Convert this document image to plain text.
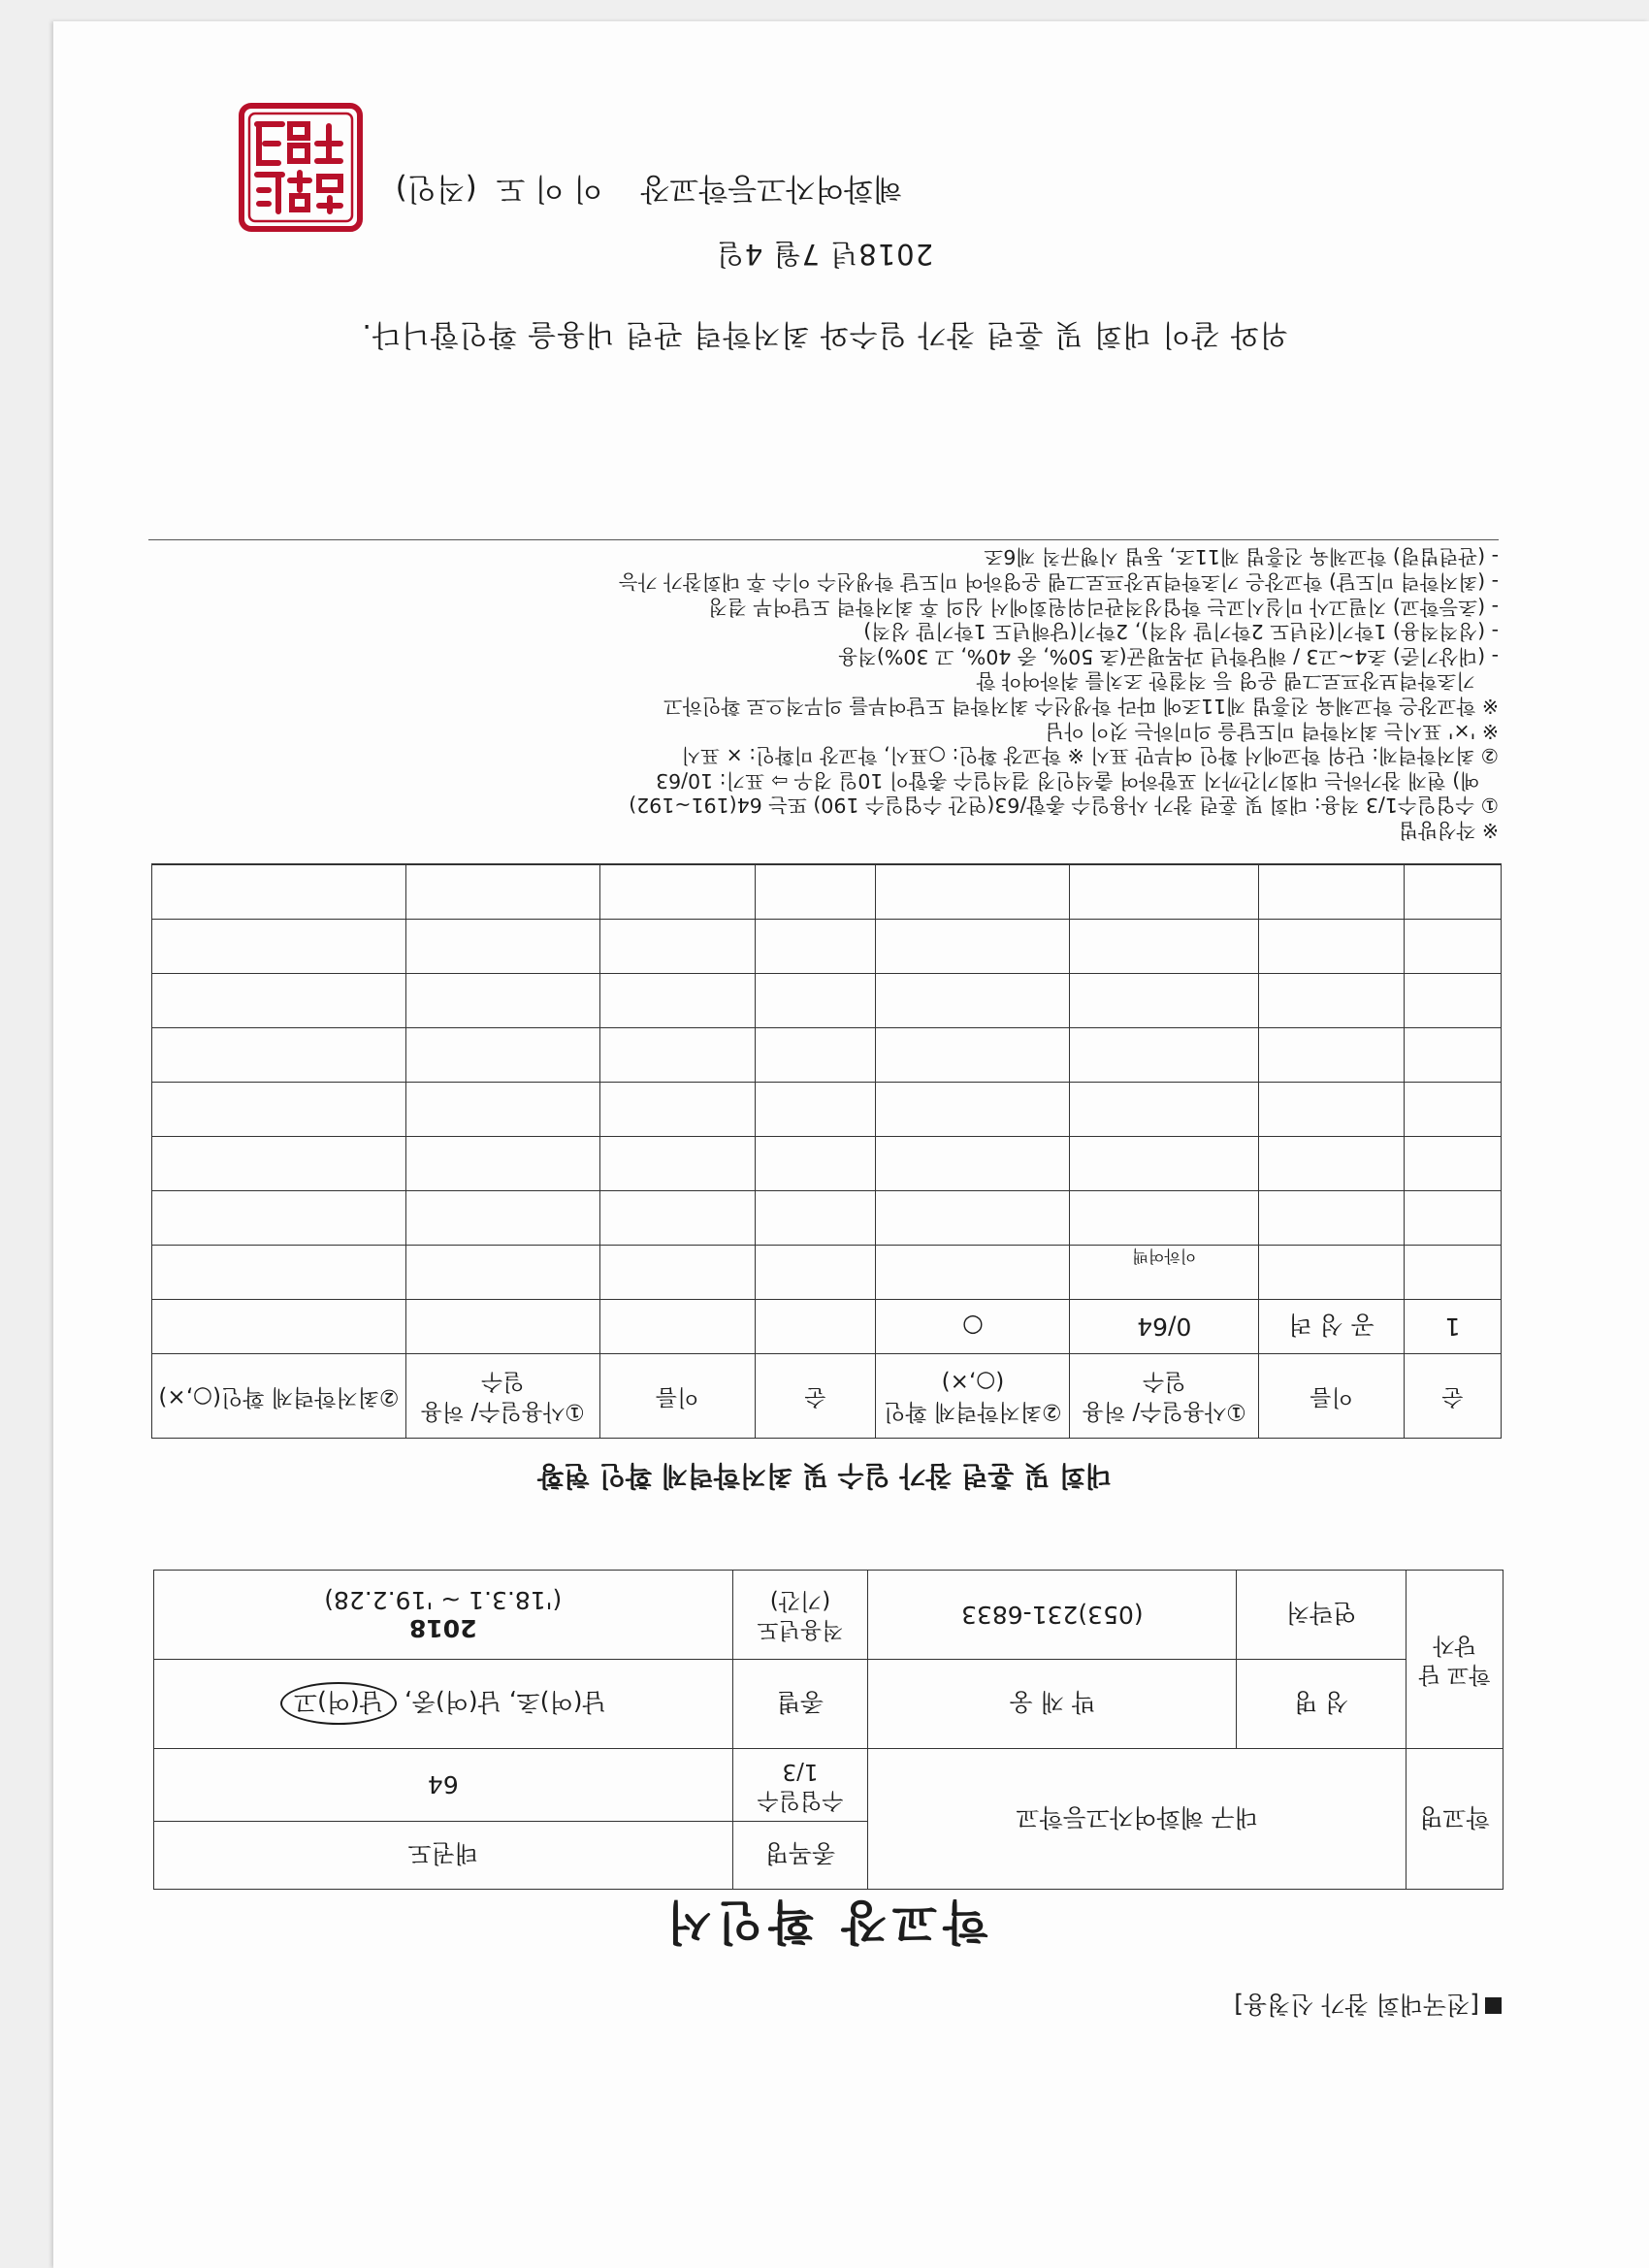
[전국대회 참가 신청용]
학교장 확인서
학교명	대구 혜화여자고등학교		종목명	태권도
			수업일수 1/3	64
학교 담당자	성 명	박 재 웅	종별	남(여)초, 남(여)중, 남(여)고
	연락처	(053)231-6833	적용년도 (기간)	2018
('18.3.1 ~ '19.2.28)
대회 및 훈련 참가 일수 및 최저학력제 확인 현황
순	이름	①사용일수/ 허용일수	②최저학력제 확인(○,×)	순	이름	①사용일수/ 허용일수	②최저학력제 확인(○,×)
1	공 성 려	0/64	○				
		이하여백					

※ 작성방법

① 수업일수1/3 적용: 대회 및 훈련 참가 사용일수 총합/63(연간 수업일수 190) 또는 64(191~192)

예) 현재 참가하는 대회기간까지 포함하여 출석인정 결석일수 총합이 10일 경우 ⇨ 표기: 10/63

② 최저학력제: 단위 학교에서 확인 여부만 표시 ※ 학교장 확인: ○표시, 학교장 미확인: × 표시

※ '×' 표시는 최저학력 미도달을 의미하는 것이 아님

※ 학교장은 학교체육 진흥법 제11조에 따라 학생선수 최저학력 도달여부를 의무적으로 확인하고

기초학력보장프로그램 운영 등 적절한 조치를 취하여야 함

- (대상기준) 초4~고3 / 해당학년 과목평균(초 50%, 중 40%, 고 30%)적용

- (성적적용) 1학기(전년도 2학기말 성적), 2학기(당해년도 1학기말 성적)

- (초등학교) 지필고사 미실시교는 학업성적관리위원회에서 심의 후 최저학력 도달여부 결정

- (최저학력 미도달) 학교장은 기초학력보장프로그램 운영하여 미도달 학생선수 이수 후 대회참가 가능

- (관련법령) 학교체육 진흥법 제11조, 동법 시행규칙 제6조

위와 같이 대회 및 훈련 참가 일수와 최저학력 관련 내용을 확인합니다.
2018년 7월 4일
혜화여자고등학교장    이 이 도  (직인)
